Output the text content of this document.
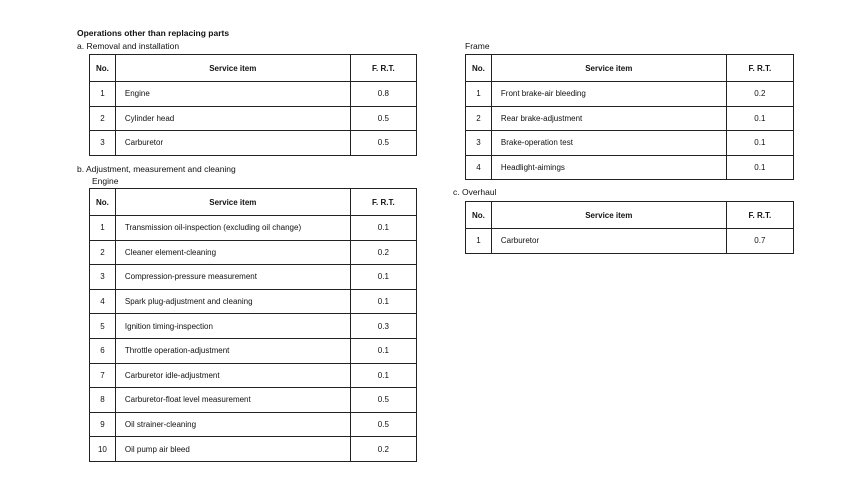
Operations other than replacing parts
a. Removal and installation
No.	Service item	F. R.T.
1	Engine	0.8
2	Cylinder head	0.5
3	Carburetor	0.5
b. Adjustment, measurement and cleaning
Engine
No.	Service item	F. R.T.
1	Transmission oil-inspection (excluding oil change)	0.1
2	Cleaner element-cleaning	0.2
3	Compression-pressure measurement	0.1
4	Spark plug-adjustment and cleaning	0.1
5	Ignition timing-inspection	0.3
6	Throttle operation-adjustment	0.1
7	Carburetor idle-adjustment	0.1
8	Carburetor-float level measurement	0.5
9	Oil strainer-cleaning	0.5
10	Oil pump air bleed	0.2
Frame
No.	Service item	F. R.T.
1	Front brake-air bleeding	0.2
2	Rear brake-adjustment	0.1
3	Brake-operation test	0.1
4	Headlight-aimings	0.1
c. Overhaul
No.	Service item	F. R.T.
1	Carburetor	0.7
